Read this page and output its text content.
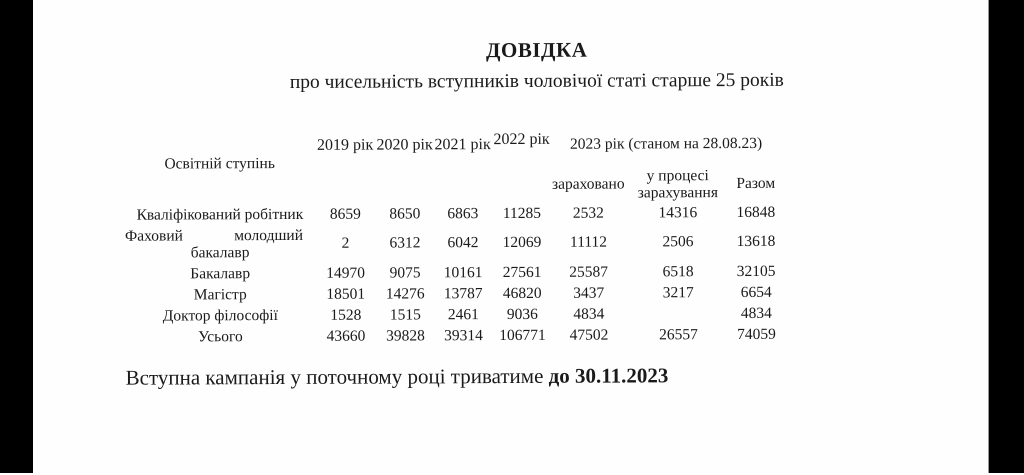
ДОВІДКА
про чисельність вступників чоловічої статі старше 25 років
Освітній ступінь	2019 рік	2020 рік	2021 рік	2022 рік	2023 рік (станом на 28.08.23)		
					зараховано	у процесі зарахування	Разом
Кваліфікований робітник	8659	8650	6863	11285	2532	14316	16848

Фаховий молодший
бакалавр	2	6312	6042	12069	11112	2506	13618
Бакалавр	14970	9075	10161	27561	25587	6518	32105
Магістр	18501	14276	13787	46820	3437	3217	6654
Доктор філософії	1528	1515	2461	9036	4834		4834
Усього	43660	39828	39314	106771	47502	26557	74059
Вступна кампанія у поточному році триватиме до 30.11.2023
